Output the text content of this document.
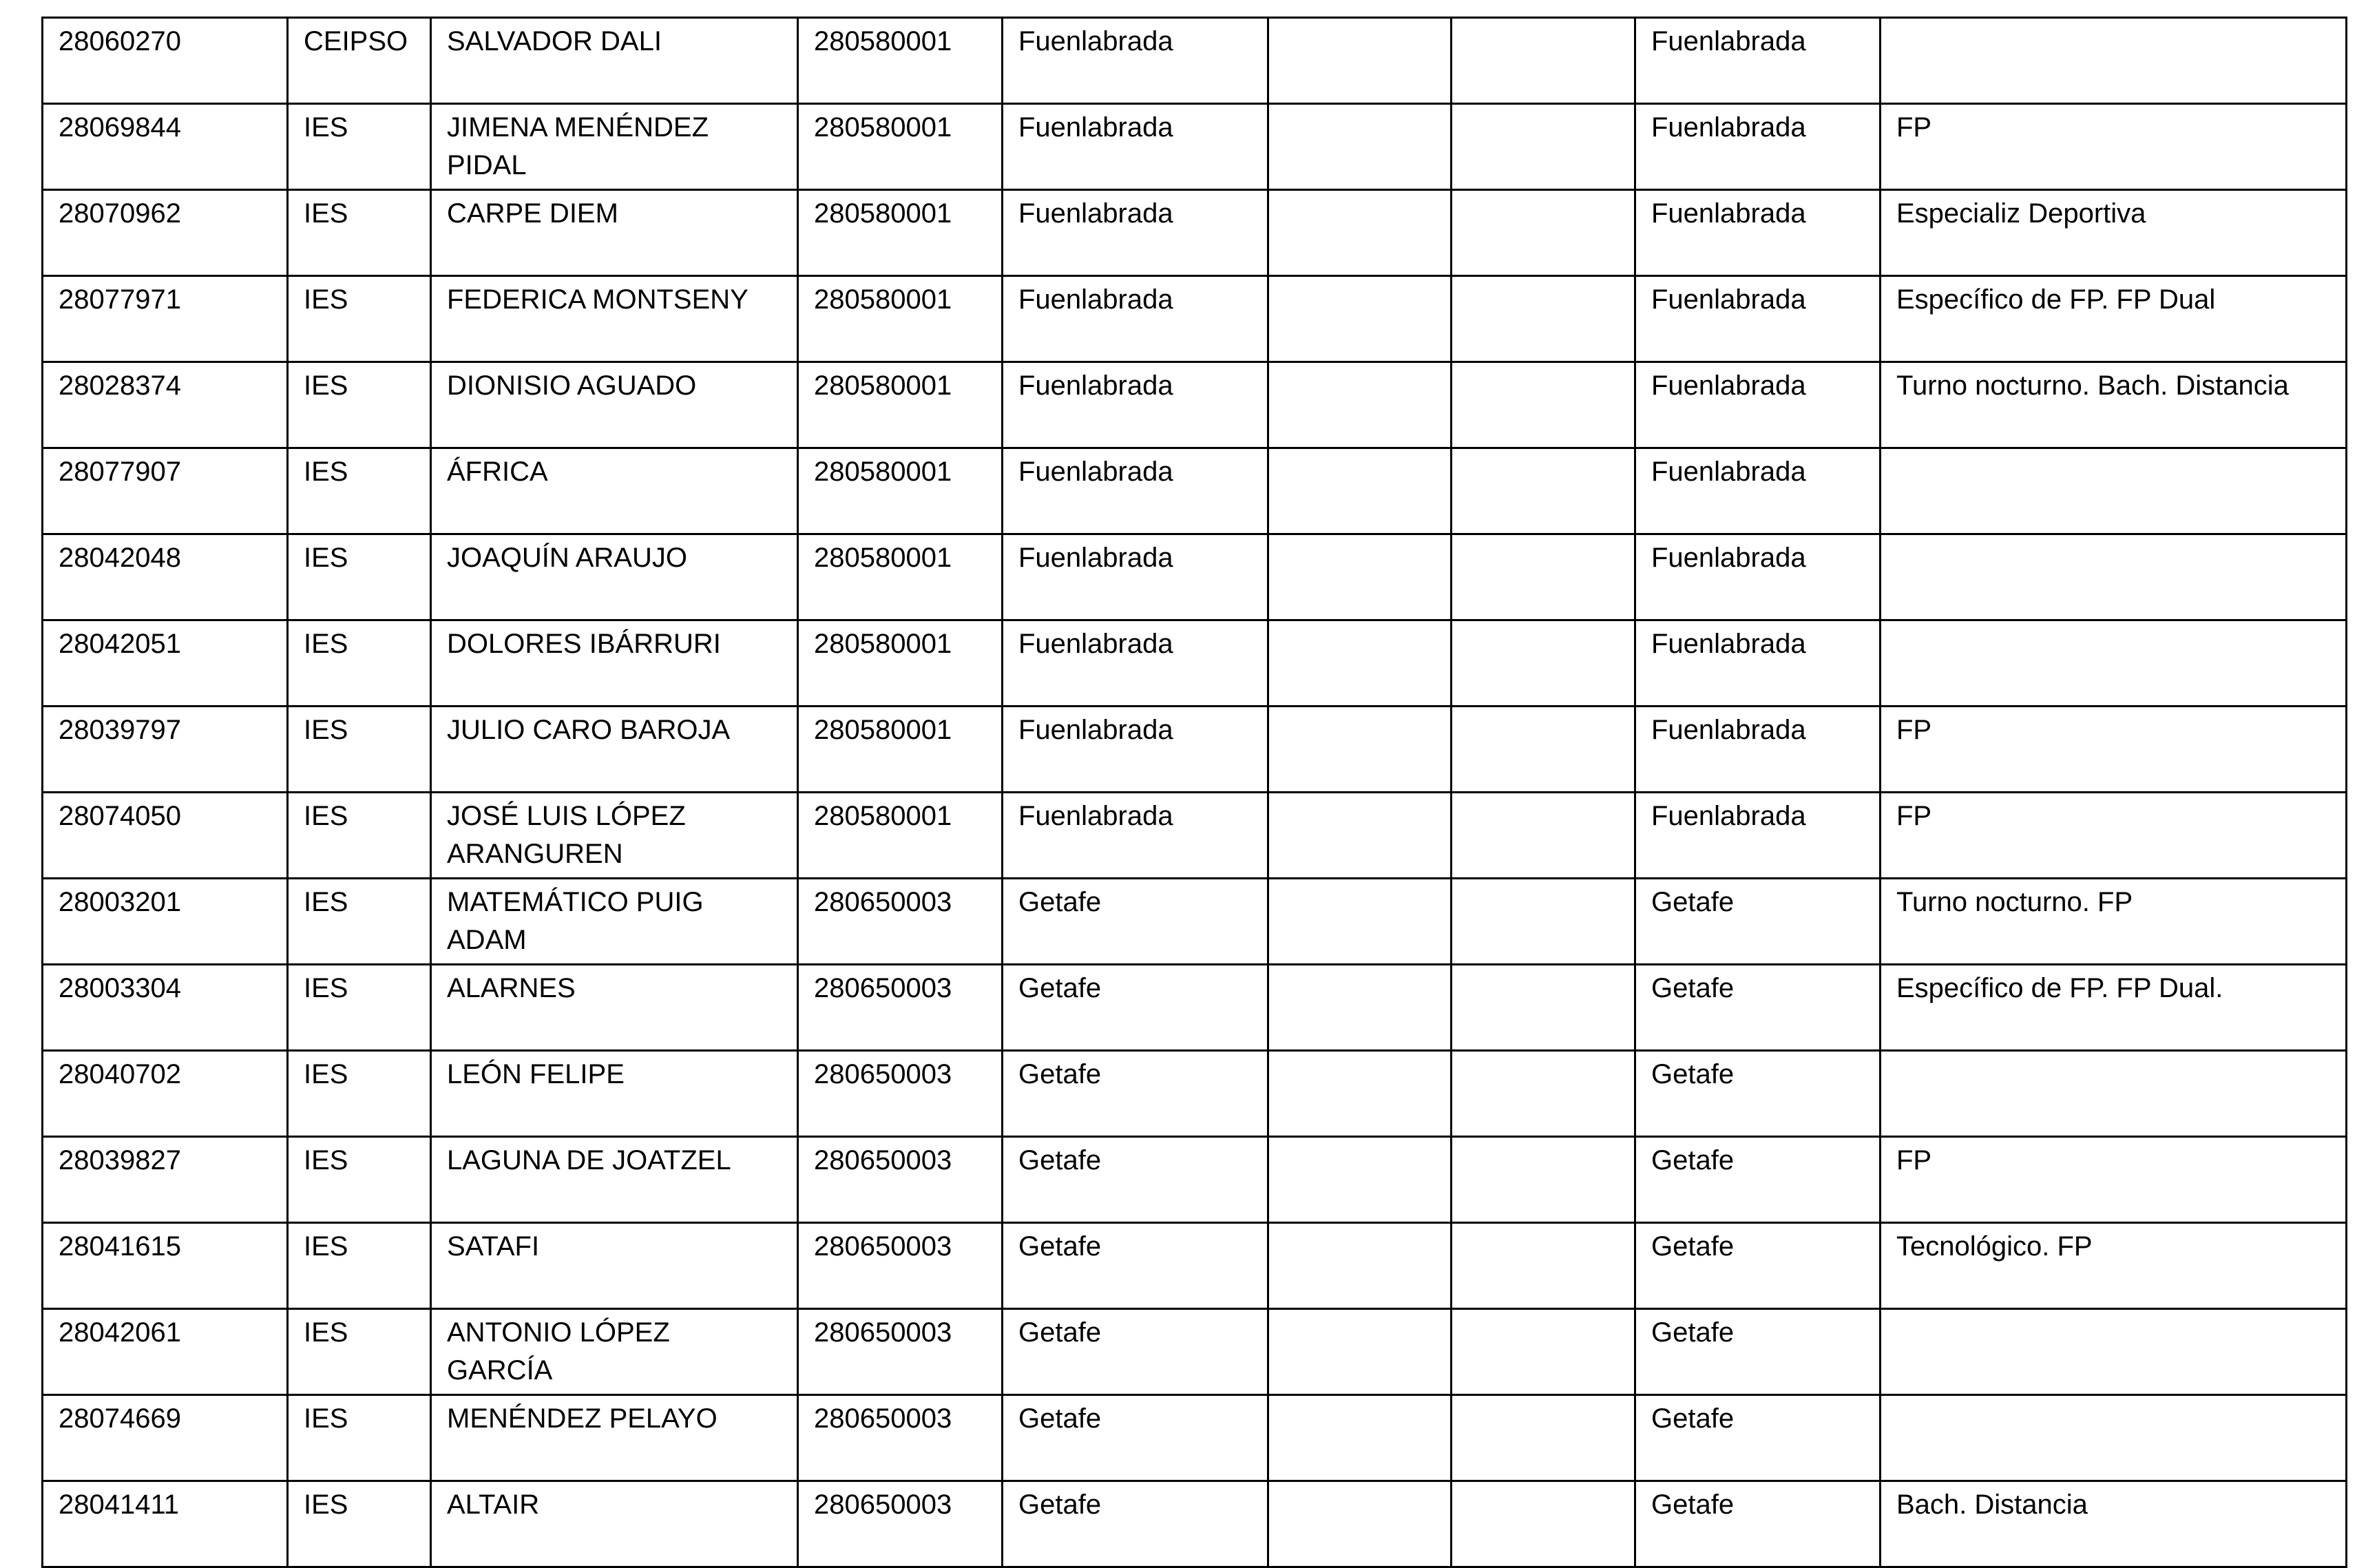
28060270	CEIPSO	SALVADOR DALI	280580001	Fuenlabrada			Fuenlabrada	
28069844	IES	JIMENA MENÉNDEZ PIDAL	280580001	Fuenlabrada			Fuenlabrada	FP
28070962	IES	CARPE DIEM	280580001	Fuenlabrada			Fuenlabrada	Especializ Deportiva
28077971	IES	FEDERICA MONTSENY	280580001	Fuenlabrada			Fuenlabrada	Específico de FP. FP Dual
28028374	IES	DIONISIO AGUADO	280580001	Fuenlabrada			Fuenlabrada	Turno nocturno. Bach. Distancia
28077907	IES	ÁFRICA	280580001	Fuenlabrada			Fuenlabrada	
28042048	IES	JOAQUÍN ARAUJO	280580001	Fuenlabrada			Fuenlabrada	
28042051	IES	DOLORES IBÁRRURI	280580001	Fuenlabrada			Fuenlabrada	
28039797	IES	JULIO CARO BAROJA	280580001	Fuenlabrada			Fuenlabrada	FP
28074050	IES	JOSÉ LUIS LÓPEZ ARANGUREN	280580001	Fuenlabrada			Fuenlabrada	FP
28003201	IES	MATEMÁTICO PUIG ADAM	280650003	Getafe			Getafe	Turno nocturno. FP
28003304	IES	ALARNES	280650003	Getafe			Getafe	Específico de FP. FP Dual.
28040702	IES	LEÓN FELIPE	280650003	Getafe			Getafe	
28039827	IES	LAGUNA DE JOATZEL	280650003	Getafe			Getafe	FP
28041615	IES	SATAFI	280650003	Getafe			Getafe	Tecnológico. FP
28042061	IES	ANTONIO LÓPEZ GARCÍA	280650003	Getafe			Getafe	
28074669	IES	MENÉNDEZ PELAYO	280650003	Getafe			Getafe	
28041411	IES	ALTAIR	280650003	Getafe			Getafe	Bach. Distancia
